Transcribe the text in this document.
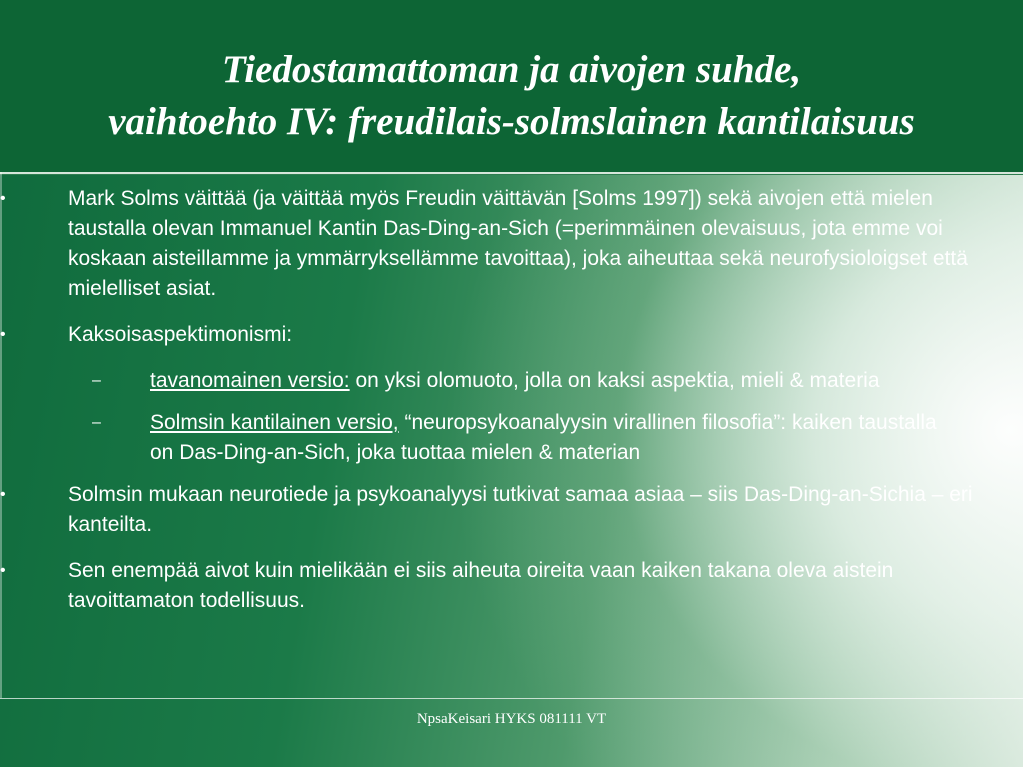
Tiedostamattoman ja aivojen suhde,
vaihtoehto IV: freudilais-solmslainen kantilaisuus
•	Mark Solms väittää (ja väittää myös Freudin väittävän [Solms 1997]) sekä aivojen että mielen taustalla olevan Immanuel Kantin Das-Ding-an-Sich (=perimmäinen olevaisuus, jota emme voi koskaan aisteillamme ja ymmärryksellämme tavoittaa), joka aiheuttaa sekä neurofysioloigset että mielelliset asiat.
•	Kaksoisaspektimonismi:
– tavanomainen versio: on yksi olomuoto, jolla on kaksi aspektia, mieli & materia
– Solmsin kantilainen versio, “neuropsykoanalyysin virallinen filosofia”: kaiken taustalla on Das-Ding-an-Sich, joka tuottaa mielen & materian
•	Solmsin mukaan neurotiede ja psykoanalyysi tutkivat samaa asiaa – siis Das-Ding-an-Sichia – eri kanteilta.
•	Sen enempää aivot kuin mielikään ei siis aiheuta oireita vaan kaiken takana oleva aistein tavoittamaton todellisuus.
NpsaKeisari HYKS 081111 VT
